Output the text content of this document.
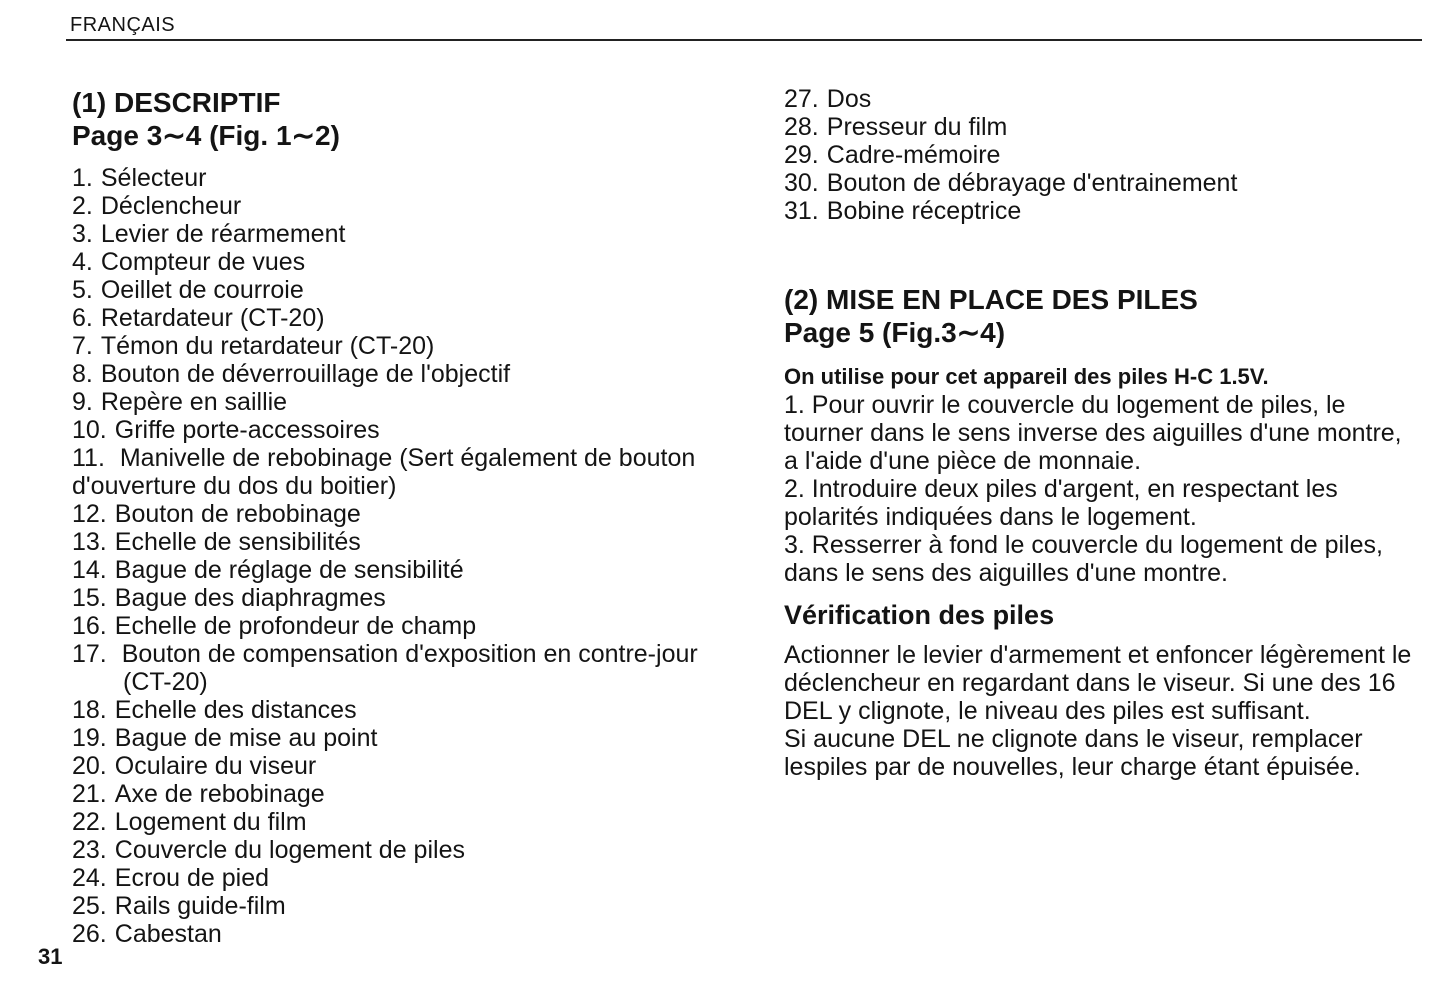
FRANÇAIS
(1) DESCRIPTIF
Page 3∼4 (Fig. 1∼2)
1. Sélecteur
2. Déclencheur
3. Levier de réarmement
4. Compteur de vues
5. Oeillet de courroie
6. Retardateur (CT-20)
7. Témon du retardateur (CT-20)
8. Bouton de déverrouillage de l'objectif
9. Repère en saillie
10. Griffe porte-accessoires
11. Manivelle de rebobinage (Sert également de bouton d'ouverture du dos du boitier)
12. Bouton de rebobinage
13. Echelle de sensibilités
14. Bague de réglage de sensibilité
15. Bague des diaphragmes
16. Echelle de profondeur de champ
17. Bouton de compensation d'exposition en contre-jour (CT-20)
18. Echelle des distances
19. Bague de mise au point
20. Oculaire du viseur
21. Axe de rebobinage
22. Logement du film
23. Couvercle du logement de piles
24. Ecrou de pied
25. Rails guide-film
26. Cabestan
27. Dos
28. Presseur du film
29. Cadre-mémoire
30. Bouton de débrayage d'entrainement
31. Bobine réceptrice
(2) MISE EN PLACE DES PILES
Page 5 (Fig.3∼4)
On utilise pour cet appareil des piles H-C 1.5V.

1. Pour ouvrir le couvercle du logement de piles, le tourner dans le sens inverse des aiguilles d'une montre, a l'aide d'une pièce de monnaie.

2. Introduire deux piles d'argent, en respectant les polarités indiquées dans le logement.

3. Resserrer à fond le couvercle du logement de piles, dans le sens des aiguilles d'une montre.

Vérification des piles

Actionner le levier d'armement et enfoncer légèrement le déclencheur en regardant dans le viseur. Si une des 16 DEL y clignote, le niveau des piles est suffisant.

Si aucune DEL ne clignote dans le viseur, remplacer lespiles par de nouvelles, leur charge étant épuisée.

31
